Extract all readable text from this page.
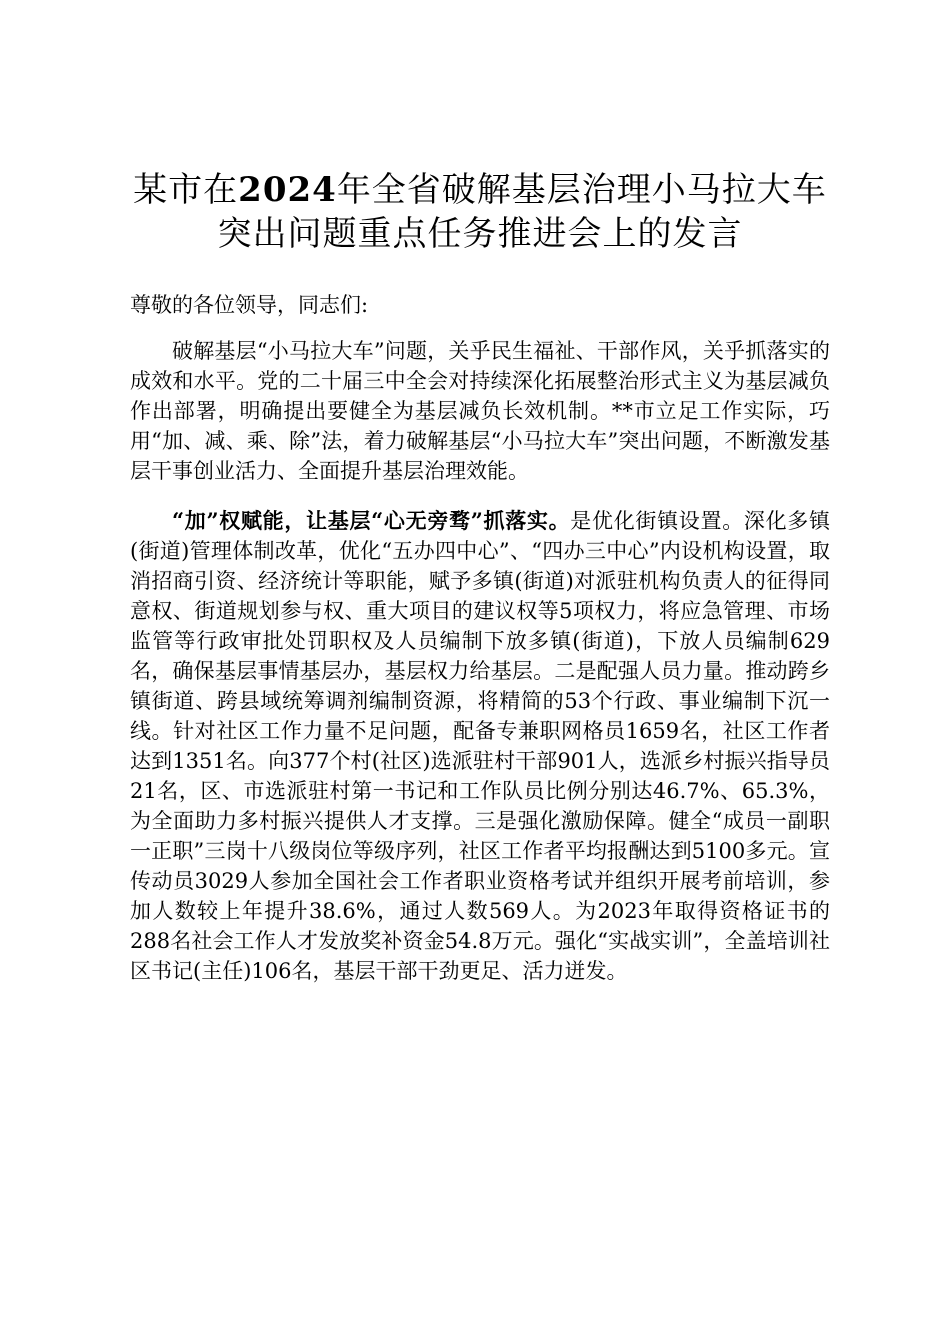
某市在2024年全省破解基层治理小马拉大车
突出问题重点任务推进会上的发言

尊敬的各位领导，同志们:

破解基层“小马拉大车”问题，关乎民生福祉、干部作风，关乎抓落实的成效和水平。党的二十届三中全会对持续深化拓展整治形式主义为基层减负作出部署，明确提出要健全为基层减负长效机制。**市立足工作实际，巧用“加、减、乘、除”法，着力破解基层“小马拉大车”突出问题，不断激发基层干事创业活力、全面提升基层治理效能。

“加”权赋能，让基层“心无旁骛”抓落实。是优化街镇设置。深化多镇(街道)管理体制改革，优化“五办四中心”、“四办三中心”内设机构设置，取消招商引资、经济统计等职能，赋予多镇(街道)对派驻机构负责人的征得同意权、街道规划参与权、重大项目的建议权等5项权力，将应急管理、市场监管等行政审批处罚职权及人员编制下放多镇(街道)，下放人员编制629名，确保基层事情基层办，基层权力给基层。二是配强人员力量。推动跨乡镇街道、跨县域统筹调剂编制资源，将精简的53个行政、事业编制下沉一线。针对社区工作力量不足问题，配备专兼职网格员1659名，社区工作者达到1351名。向377个村(社区)选派驻村干部901人，选派乡村振兴指导员21名，区、市选派驻村第一书记和工作队员比例分别达46.7%、65.3%，为全面助力多村振兴提供人才支撑。三是强化激励保障。健全“成员一副职一正职”三岗十八级岗位等级序列，社区工作者平均报酬达到5100多元。宣传动员3029人参加全国社会工作者职业资格考试并组织开展考前培训，参加人数较上年提升38.6%，通过人数569人。为2023年取得资格证书的288名社会工作人才发放奖补资金54.8万元。强化“实战实训”，全盖培训社区书记(主任)106名，基层干部干劲更足、活力迸发。
